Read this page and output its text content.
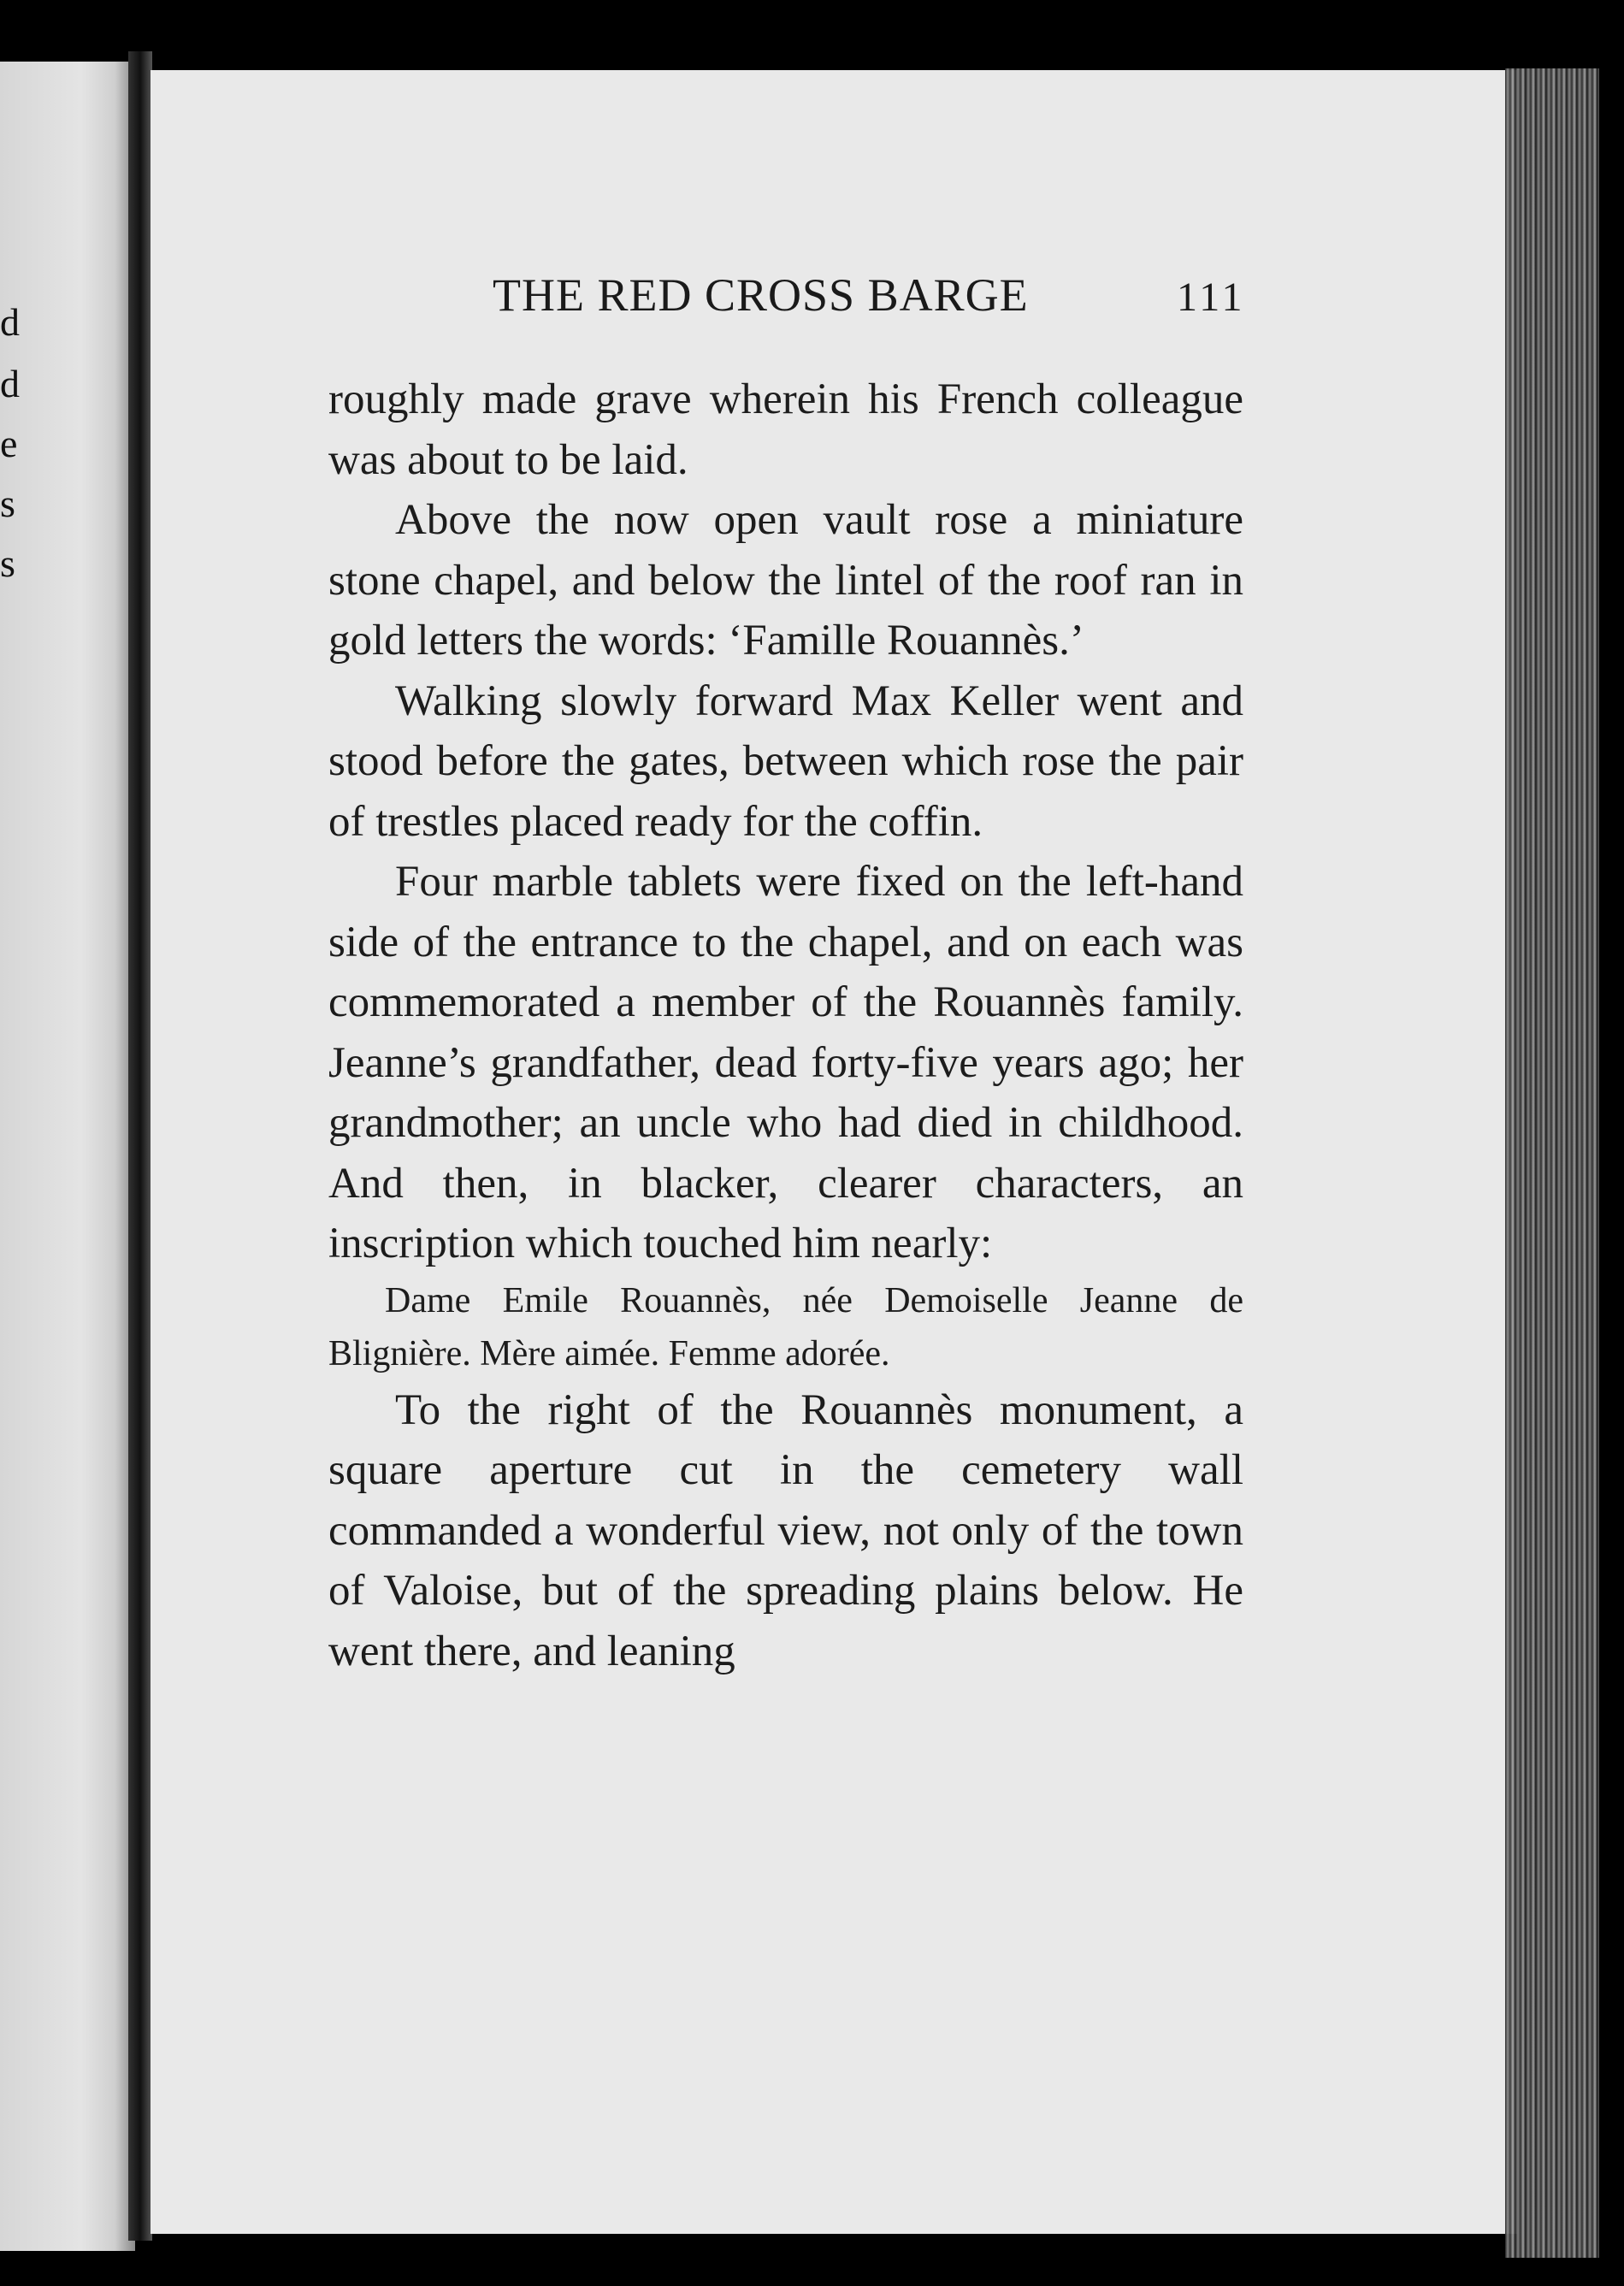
d
d
e
s
s
THE RED CROSS BARGE	111

roughly made grave wherein his French colleague was about to be laid.

Above the now open vault rose a miniature stone chapel, and below the lintel of the roof ran in gold letters the words: ‘Famille Rouannès.’

Walking slowly forward Max Keller went and stood before the gates, between which rose the pair of trestles placed ready for the coffin.

Four marble tablets were fixed on the left-hand side of the entrance to the chapel, and on each was commemorated a member of the Rouannès family. Jeanne’s grandfather, dead forty-five years ago; her grandmother; an uncle who had died in childhood. And then, in blacker, clearer characters, an inscription which touched him nearly:

Dame Emile Rouannès, née Demoiselle Jeanne de Blignière. Mère aimée. Femme adorée.

To the right of the Rouannès monument, a square aperture cut in the cemetery wall commanded a wonderful view, not only of the town of Valoise, but of the spreading plains below. He went there, and leaning
